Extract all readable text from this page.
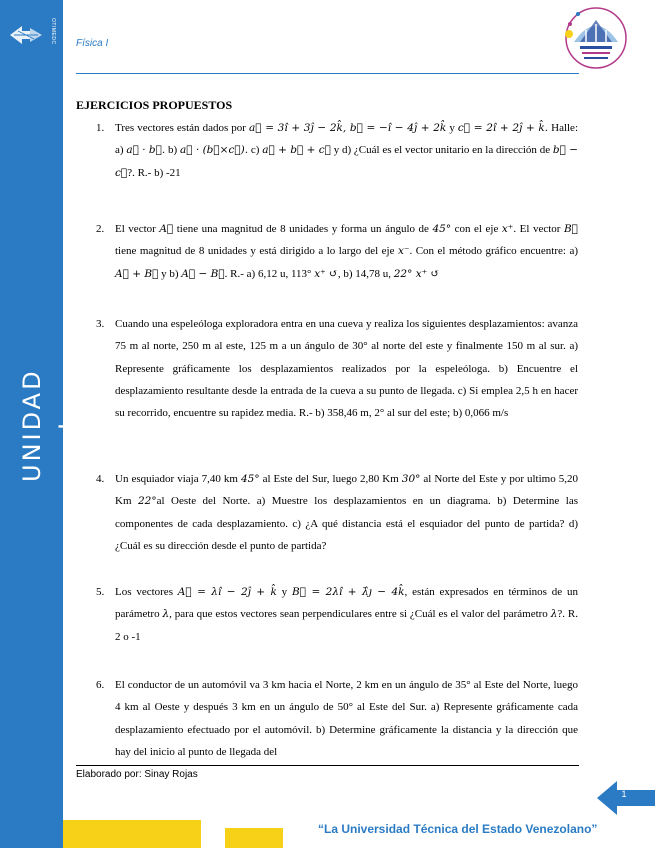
OTIMEDC
UNIDAD I
Física I
EJERCICIOS PROPUESTOS
1. Tres vectores están dados por a⃗ = 3î + 3ĵ − 2k̂, b⃗ = −î − 4ĵ + 2k̂ y c⃗ = 2î + 2ĵ + k̂. Halle: a) a⃗ · b⃗. b) a⃗ · (b⃗×c⃗). c) a⃗ + b⃗ + c⃗ y d) ¿Cuál es el vector unitario en la dirección de b⃗ − c⃗?. R.- b) -21
2. El vector A⃗ tiene una magnitud de 8 unidades y forma un ángulo de 45° con el eje x⁺. El vector B⃗ tiene magnitud de 8 unidades y está dirigido a lo largo del eje x⁻. Con el método gráfico encuentre: a) A⃗ + B⃗ y b) A⃗ − B⃗. R.- a) 6,12 u, 113° x⁺ ↺, b) 14,78 u, 22° x⁺ ↺
3. Cuando una espeleóloga exploradora entra en una cueva y realiza los siguientes desplazamientos: avanza 75 m al norte, 250 m al este, 125 m a un ángulo de 30° al norte del este y finalmente 150 m al sur. a) Represente gráficamente los desplazamientos realizados por la espeleóloga. b) Encuentre el desplazamiento resultante desde la entrada de la cueva a su punto de llegada. c) Si emplea 2,5 h en hacer su recorrido, encuentre su rapidez media. R.- b) 358,46 m, 2° al sur del este; b) 0,066 m/s
4. Un esquiador viaja 7,40 km 45° al Este del Sur, luego 2,80 Km 30° al Norte del Este y por ultimo 5,20 Km 22°al Oeste del Norte. a) Muestre los desplazamientos en un diagrama. b) Determine las componentes de cada desplazamiento. c) ¿A qué distancia está el esquiador del punto de partida? d) ¿Cuál es su dirección desde el punto de partida?
5. Los vectores A⃗ = λî − 2ĵ + k̂ y B⃗ = 2λî + λ̂ȷ − 4k̂, están expresados en términos de un parámetro λ, para que estos vectores sean perpendiculares entre si ¿Cuál es el valor del parámetro λ?. R. 2 o -1
6. El conductor de un automóvil va 3 km hacia el Norte, 2 km en un ángulo de 35° al Este del Norte, luego 4 km al Oeste y después 3 km en un ángulo de 50° al Este del Sur. a) Represente gráficamente cada desplazamiento efectuado por el automóvil. b) Determine gráficamente la distancia y la dirección que hay del inicio al punto de llegada del
Elaborado por: Sinay Rojas
1
“La Universidad Técnica del Estado Venezolano”
